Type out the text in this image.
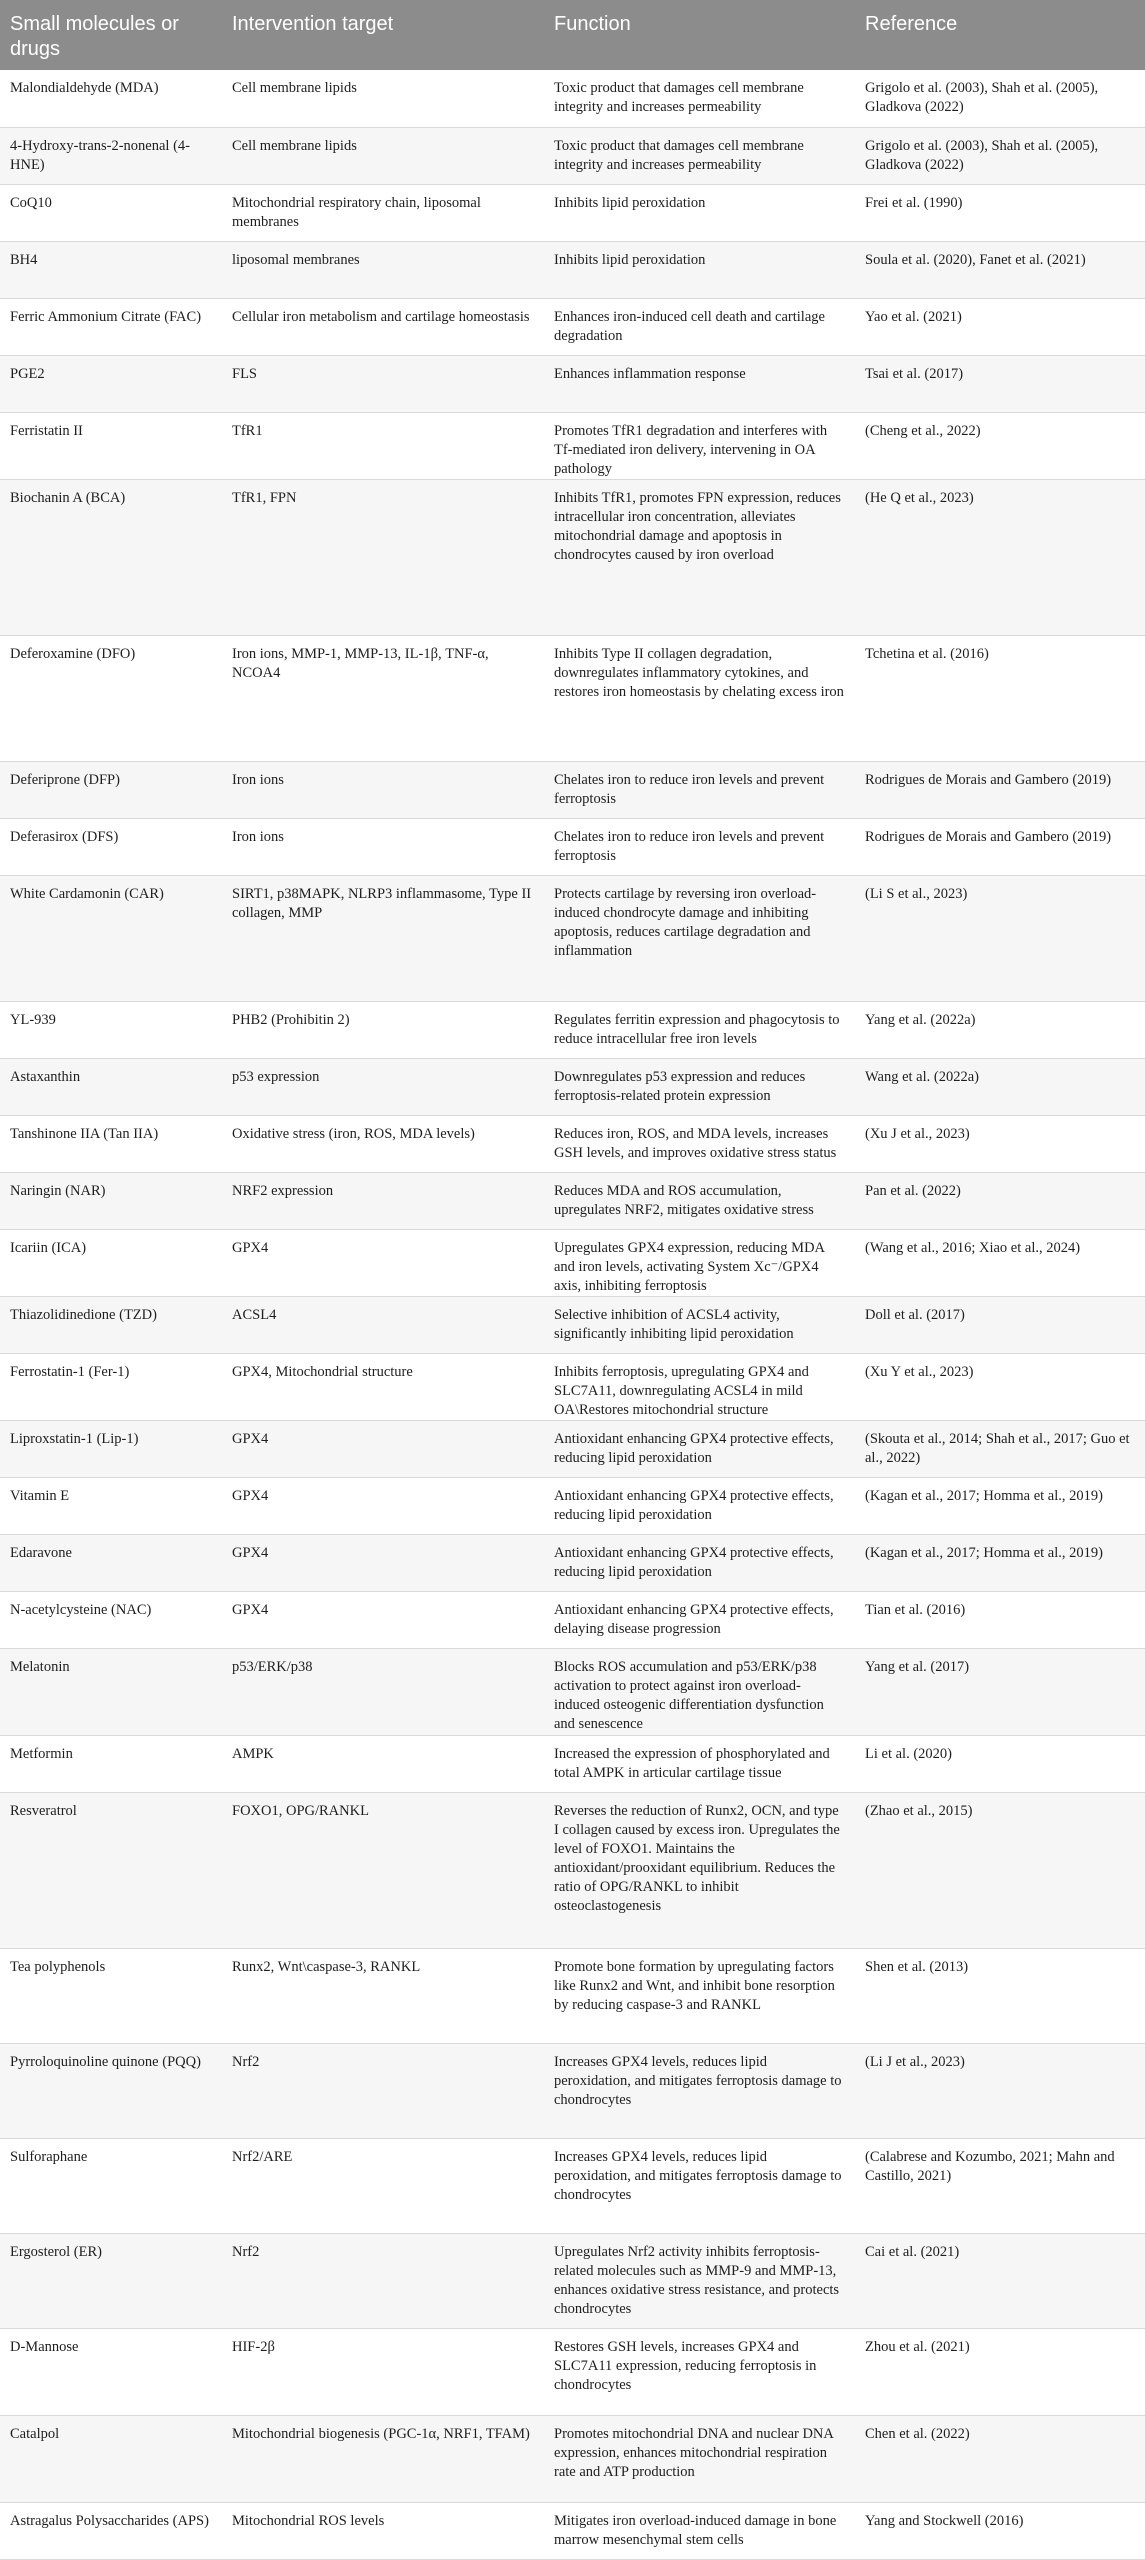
Small molecules or drugs	Intervention target	Function	Reference
Malondialdehyde (MDA)	Cell membrane lipids	Toxic product that damages cell membrane integrity and increases permeability	Grigolo et al. (2003), Shah et al. (2005), Gladkova (2022)
4-Hydroxy-trans-2-nonenal (4-HNE)	Cell membrane lipids	Toxic product that damages cell membrane integrity and increases permeability	Grigolo et al. (2003), Shah et al. (2005), Gladkova (2022)
CoQ10	Mitochondrial respiratory chain, liposomal membranes	Inhibits lipid peroxidation	Frei et al. (1990)
BH4	liposomal membranes	Inhibits lipid peroxidation	Soula et al. (2020), Fanet et al. (2021)
Ferric Ammonium Citrate (FAC)	Cellular iron metabolism and cartilage homeostasis	Enhances iron-induced cell death and cartilage degradation	Yao et al. (2021)
PGE2	FLS	Enhances inflammation response	Tsai et al. (2017)
Ferristatin II	TfR1	Promotes TfR1 degradation and interferes with Tf-mediated iron delivery, intervening in OA pathology	(Cheng et al., 2022)
Biochanin A (BCA)	TfR1, FPN	Inhibits TfR1, promotes FPN expression, reduces intracellular iron concentration, alleviates mitochondrial damage and apoptosis in chondrocytes caused by iron overload	(He Q et al., 2023)
Deferoxamine (DFO)	Iron ions, MMP-1, MMP-13, IL-1β, TNF-α, NCOA4	Inhibits Type II collagen degradation, downregulates inflammatory cytokines, and restores iron homeostasis by chelating excess iron	Tchetina et al. (2016)
Deferiprone (DFP)	Iron ions	Chelates iron to reduce iron levels and prevent ferroptosis	Rodrigues de Morais and Gambero (2019)
Deferasirox (DFS)	Iron ions	Chelates iron to reduce iron levels and prevent ferroptosis	Rodrigues de Morais and Gambero (2019)
White Cardamonin (CAR)	SIRT1, p38MAPK, NLRP3 inflammasome, Type II collagen, MMP	Protects cartilage by reversing iron overload-induced chondrocyte damage and inhibiting apoptosis, reduces cartilage degradation and inflammation	(Li S et al., 2023)
YL-939	PHB2 (Prohibitin 2)	Regulates ferritin expression and phagocytosis to reduce intracellular free iron levels	Yang et al. (2022a)
Astaxanthin	p53 expression	Downregulates p53 expression and reduces ferroptosis-related protein expression	Wang et al. (2022a)
Tanshinone IIA (Tan IIA)	Oxidative stress (iron, ROS, MDA levels)	Reduces iron, ROS, and MDA levels, increases GSH levels, and improves oxidative stress status	(Xu J et al., 2023)
Naringin (NAR)	NRF2 expression	Reduces MDA and ROS accumulation, upregulates NRF2, mitigates oxidative stress	Pan et al. (2022)
Icariin (ICA)	GPX4	Upregulates GPX4 expression, reducing MDA and iron levels, activating System Xc⁻/GPX4 axis, inhibiting ferroptosis	(Wang et al., 2016; Xiao et al., 2024)
Thiazolidinedione (TZD)	ACSL4	Selective inhibition of ACSL4 activity, significantly inhibiting lipid peroxidation	Doll et al. (2017)
Ferrostatin-1 (Fer-1)	GPX4, Mitochondrial structure	Inhibits ferroptosis, upregulating GPX4 and SLC7A11, downregulating ACSL4 in mild OA\Restores mitochondrial structure	(Xu Y et al., 2023)
Liproxstatin-1 (Lip-1)	GPX4	Antioxidant enhancing GPX4 protective effects, reducing lipid peroxidation	(Skouta et al., 2014; Shah et al., 2017; Guo et al., 2022)
Vitamin E	GPX4	Antioxidant enhancing GPX4 protective effects, reducing lipid peroxidation	(Kagan et al., 2017; Homma et al., 2019)
Edaravone	GPX4	Antioxidant enhancing GPX4 protective effects, reducing lipid peroxidation	(Kagan et al., 2017; Homma et al., 2019)
N-acetylcysteine (NAC)	GPX4	Antioxidant enhancing GPX4 protective effects, delaying disease progression	Tian et al. (2016)
Melatonin	p53/ERK/p38	Blocks ROS accumulation and p53/ERK/p38 activation to protect against iron overload-induced osteogenic differentiation dysfunction and senescence	Yang et al. (2017)
Metformin	AMPK	Increased the expression of phosphorylated and total AMPK in articular cartilage tissue	Li et al. (2020)
Resveratrol	FOXO1, OPG/RANKL	Reverses the reduction of Runx2, OCN, and type I collagen caused by excess iron. Upregulates the level of FOXO1. Maintains the antioxidant/prooxidant equilibrium. Reduces the ratio of OPG/RANKL to inhibit osteoclastogenesis	(Zhao et al., 2015)
Tea polyphenols	Runx2, Wnt\caspase-3, RANKL	Promote bone formation by upregulating factors like Runx2 and Wnt, and inhibit bone resorption by reducing caspase-3 and RANKL	Shen et al. (2013)
Pyrroloquinoline quinone (PQQ)	Nrf2	Increases GPX4 levels, reduces lipid peroxidation, and mitigates ferroptosis damage to chondrocytes	(Li J et al., 2023)
Sulforaphane	Nrf2/ARE	Increases GPX4 levels, reduces lipid peroxidation, and mitigates ferroptosis damage to chondrocytes	(Calabrese and Kozumbo, 2021; Mahn and Castillo, 2021)
Ergosterol (ER)	Nrf2	Upregulates Nrf2 activity inhibits ferroptosis-related molecules such as MMP-9 and MMP-13, enhances oxidative stress resistance, and protects chondrocytes	Cai et al. (2021)
D-Mannose	HIF-2β	Restores GSH levels, increases GPX4 and SLC7A11 expression, reducing ferroptosis in chondrocytes	Zhou et al. (2021)
Catalpol	Mitochondrial biogenesis (PGC-1α, NRF1, TFAM)	Promotes mitochondrial DNA and nuclear DNA expression, enhances mitochondrial respiration rate and ATP production	Chen et al. (2022)
Astragalus Polysaccharides (APS)	Mitochondrial ROS levels	Mitigates iron overload-induced damage in bone marrow mesenchymal stem cells	Yang and Stockwell (2016)
